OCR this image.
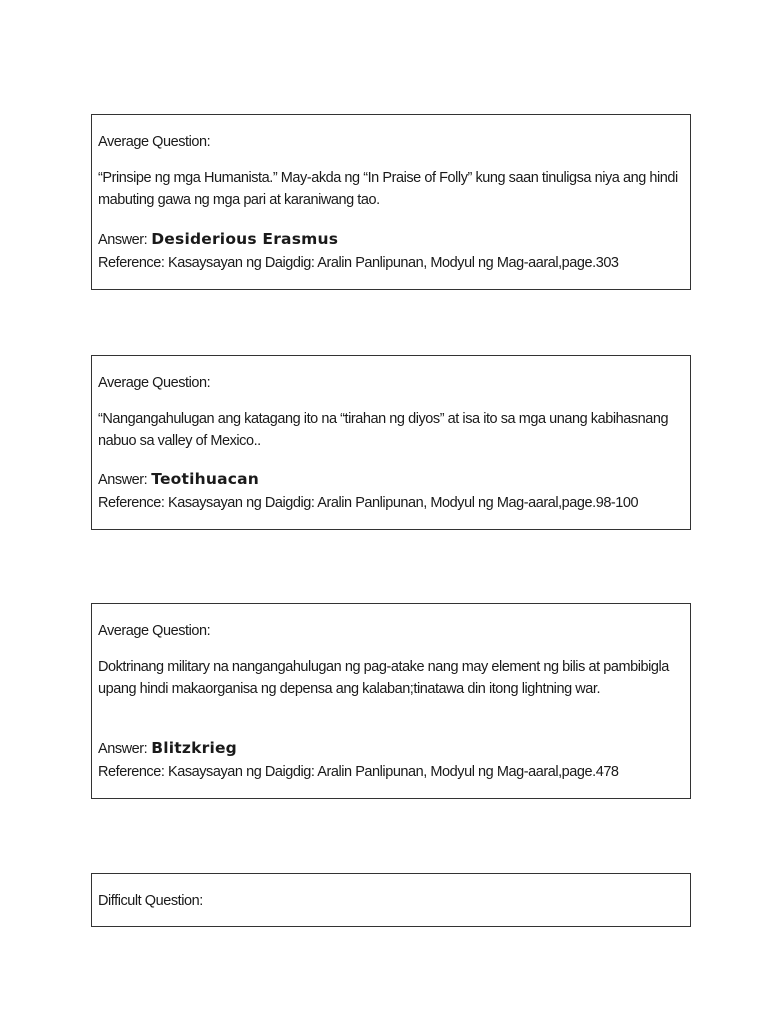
Average Question:
“Prinsipe ng mga Humanista.” May-akda ng “In Praise of Folly” kung saan tinuligsa niya ang hindi mabuting gawa ng mga pari at karaniwang tao.
Answer: Desiderious Erasmus
Reference: Kasaysayan ng Daigdig: Aralin Panlipunan, Modyul ng Mag-aaral,page.303
Average Question:
“Nangangahulugan ang katagang ito na “tirahan ng diyos” at isa ito sa mga unang kabihasnang nabuo sa valley of Mexico..
Answer: Teotihuacan
Reference: Kasaysayan ng Daigdig: Aralin Panlipunan, Modyul ng Mag-aaral,page.98-100
Average Question:
Doktrinang military na nangangahulugan ng pag-atake nang may element ng bilis at pambibigla upang hindi makaorganisa ng depensa ang kalaban;tinatawa din itong lightning war.
Answer: Blitzkrieg
Reference: Kasaysayan ng Daigdig: Aralin Panlipunan, Modyul ng Mag-aaral,page.478
Difficult Question:
